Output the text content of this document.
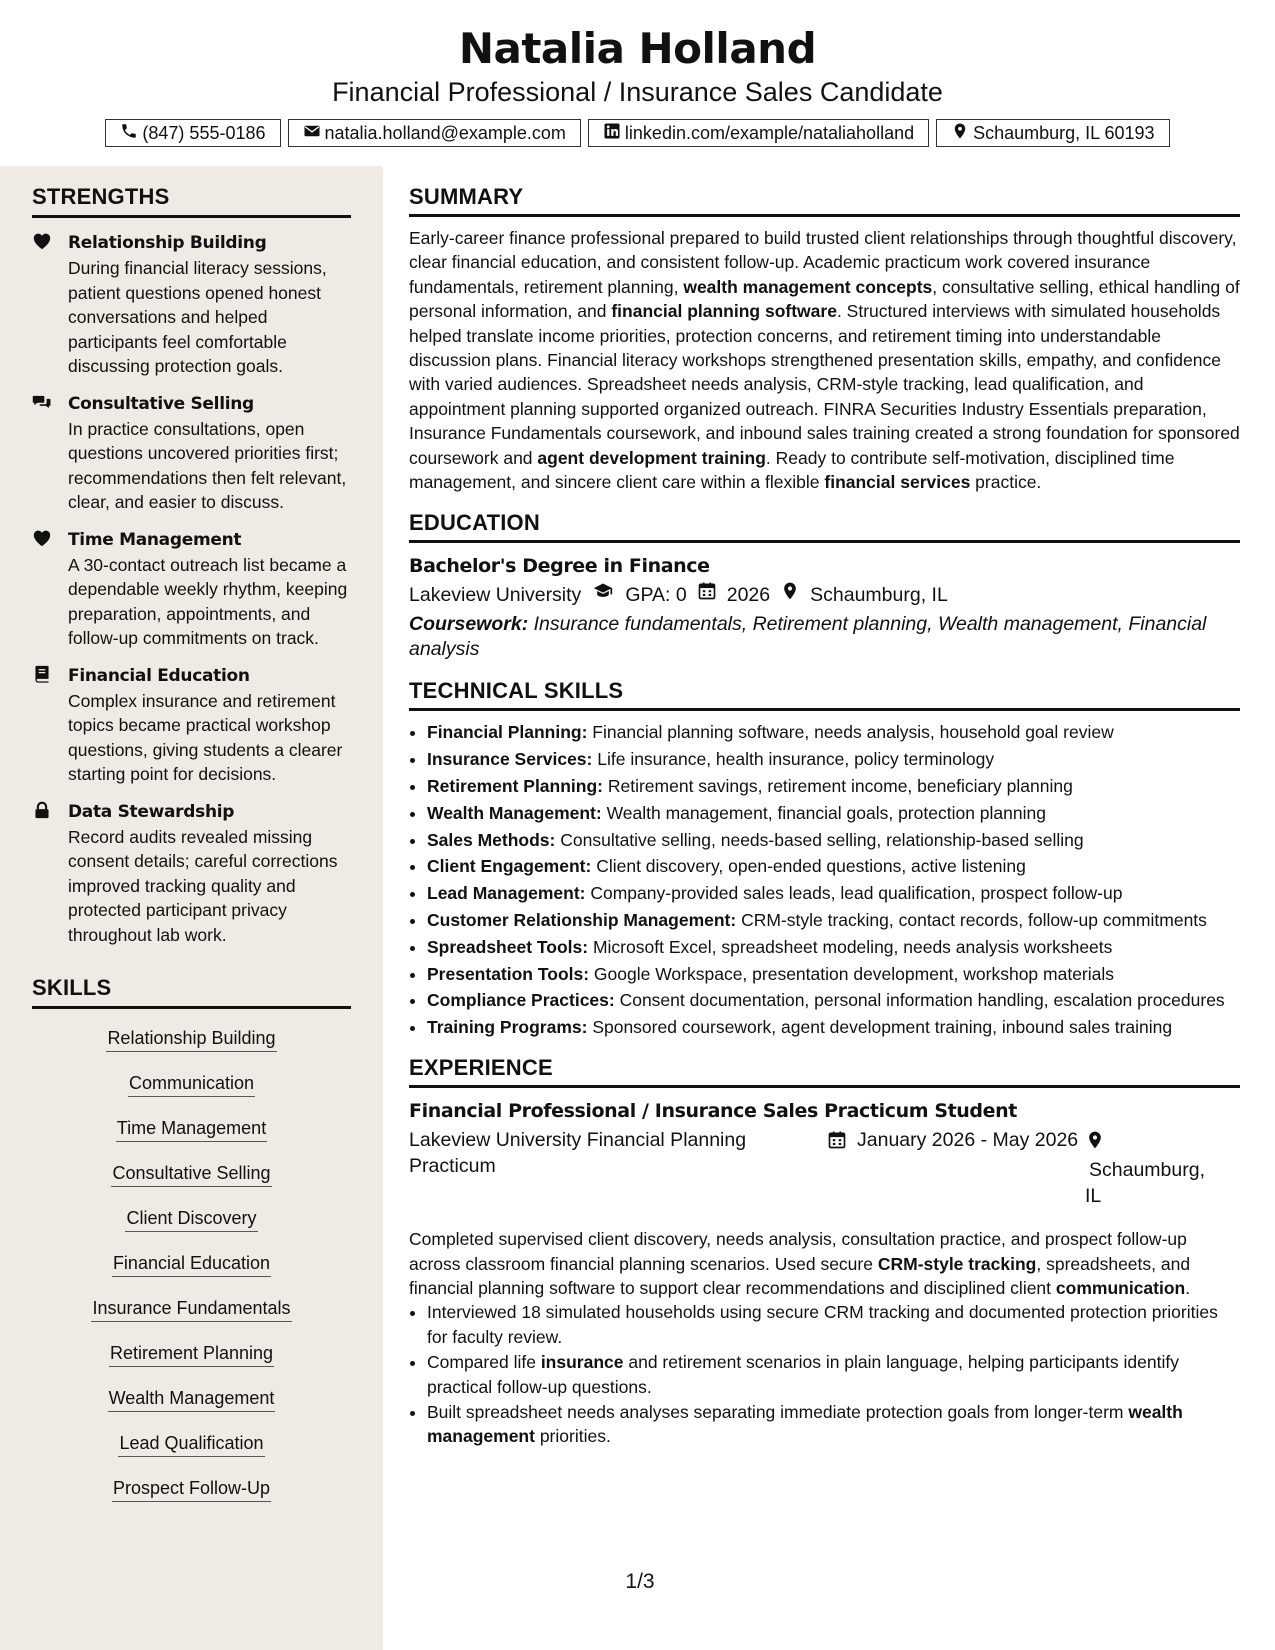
Natalia Holland
Financial Professional / Insurance Sales Candidate
(847) 555-0186	natalia.holland@example.com	linkedin.com/example/nataliaholland	Schaumburg, IL 60193
STRENGTHS
Relationship Building
During financial literacy sessions, patient questions opened honest conversations and helped participants feel comfortable discussing protection goals.
Consultative Selling
In practice consultations, open questions uncovered priorities first; recommendations then felt relevant, clear, and easier to discuss.
Time Management
A 30-contact outreach list became a dependable weekly rhythm, keeping preparation, appointments, and follow-up commitments on track.
Financial Education
Complex insurance and retirement topics became practical workshop questions, giving students a clearer starting point for decisions.
Data Stewardship
Record audits revealed missing consent details; careful corrections improved tracking quality and protected participant privacy throughout lab work.
SKILLS
Relationship Building
Communication
Time Management
Consultative Selling
Client Discovery
Financial Education
Insurance Fundamentals
Retirement Planning
Wealth Management
Lead Qualification
Prospect Follow-Up
SUMMARY
Early-career finance professional prepared to build trusted client relationships through thoughtful discovery, clear financial education, and consistent follow-up. Academic practicum work covered insurance fundamentals, retirement planning, wealth management concepts, consultative selling, ethical handling of personal information, and financial planning software. Structured interviews with simulated households helped translate income priorities, protection concerns, and retirement timing into understandable discussion plans. Financial literacy workshops strengthened presentation skills, empathy, and confidence with varied audiences. Spreadsheet needs analysis, CRM-style tracking, lead qualification, and appointment planning supported organized outreach. FINRA Securities Industry Essentials preparation, Insurance Fundamentals coursework, and inbound sales training created a strong foundation for sponsored coursework and agent development training. Ready to contribute self-motivation, disciplined time management, and sincere client care within a flexible financial services practice.
EDUCATION
Bachelor's Degree in Finance
Lakeview University GPA: 0 2026 Schaumburg, IL
Coursework: Insurance fundamentals, Retirement planning, Wealth management, Financial analysis
TECHNICAL SKILLS
• Financial Planning: Financial planning software, needs analysis, household goal review
• Insurance Services: Life insurance, health insurance, policy terminology
• Retirement Planning: Retirement savings, retirement income, beneficiary planning
• Wealth Management: Wealth management, financial goals, protection planning
• Sales Methods: Consultative selling, needs-based selling, relationship-based selling
• Client Engagement: Client discovery, open-ended questions, active listening
• Lead Management: Company-provided sales leads, lead qualification, prospect follow-up
• Customer Relationship Management: CRM-style tracking, contact records, follow-up commitments
• Spreadsheet Tools: Microsoft Excel, spreadsheet modeling, needs analysis worksheets
• Presentation Tools: Google Workspace, presentation development, workshop materials
• Compliance Practices: Consent documentation, personal information handling, escalation procedures
• Training Programs: Sponsored coursework, agent development training, inbound sales training
EXPERIENCE
Financial Professional / Insurance Sales Practicum Student
Lakeview University Financial Planning Practicum
January 2026 - May 2026
Schaumburg,
IL
Completed supervised client discovery, needs analysis, consultation practice, and prospect follow-up across classroom financial planning scenarios. Used secure CRM-style tracking, spreadsheets, and financial planning software to support clear recommendations and disciplined client communication.
• Interviewed 18 simulated households using secure CRM tracking and documented protection priorities for faculty review.
• Compared life insurance and retirement scenarios in plain language, helping participants identify practical follow-up questions.
• Built spreadsheet needs analyses separating immediate protection goals from longer-term wealth management priorities.
1/3
